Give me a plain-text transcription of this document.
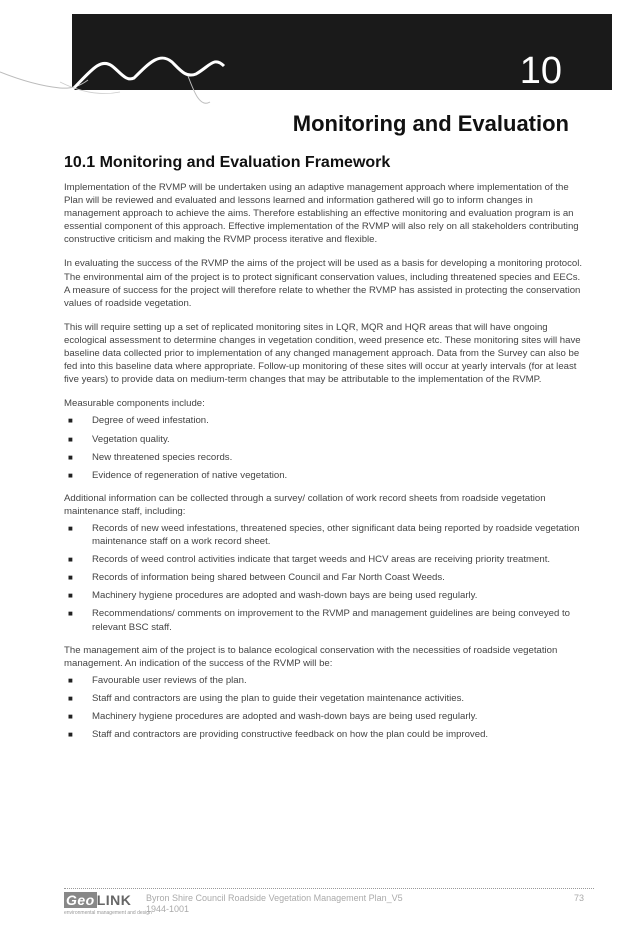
10
Monitoring and Evaluation
10.1 Monitoring and Evaluation Framework

Implementation of the RVMP will be undertaken using an adaptive management approach where implementation of the Plan will be reviewed and evaluated and lessons learned and information gathered will go to inform changes in management approach to achieve the aims. Therefore establishing an effective monitoring and evaluation program is an essential component of this approach. Effective implementation of the RVMP will also rely on all stakeholders contributing constructive criticism and making the RVMP process iterative and flexible.

In evaluating the success of the RVMP the aims of the project will be used as a basis for developing a monitoring protocol. The environmental aim of the project is to protect significant conservation values, including threatened species and EECs. A measure of success for the project will therefore relate to whether the RVMP has assisted in protecting the conservation values of roadside vegetation.

This will require setting up a set of replicated monitoring sites in LQR, MQR and HQR areas that will have ongoing ecological assessment to determine changes in vegetation condition, weed presence etc. These monitoring sites will have baseline data collected prior to implementation of any changed management approach. Data from the Survey can also be fed into this baseline data where appropriate. Follow-up monitoring of these sites will occur at yearly intervals (for at least five years) to provide data on medium-term changes that may be attributable to the implementation of the RVMP.

Measurable components include:

■ Degree of weed infestation.
■ Vegetation quality.
■ New threatened species records.
■ Evidence of regeneration of native vegetation.

Additional information can be collected through a survey/ collation of work record sheets from roadside vegetation maintenance staff, including:

■ Records of new weed infestations, threatened species, other significant data being reported by roadside vegetation maintenance staff on a work record sheet.
■ Records of weed control activities indicate that target weeds and HCV areas are receiving priority treatment.
■ Records of information being shared between Council and Far North Coast Weeds.
■ Machinery hygiene procedures are adopted and wash-down bays are being used regularly.
■ Recommendations/ comments on improvement to the RVMP and management guidelines are being conveyed to relevant BSC staff.

The management aim of the project is to balance ecological conservation with the necessities of roadside vegetation management. An indication of the success of the RVMP will be:

■ Favourable user reviews of the plan.
■ Staff and contractors are using the plan to guide their vegetation maintenance activities.
■ Machinery hygiene procedures are adopted and wash-down bays are being used regularly.
■ Staff and contractors are providing constructive feedback on how the plan could be improved.
Geo LINK
environmental management and design
Byron Shire Council Roadside Vegetation Management Plan_V5
1944-1001
73
